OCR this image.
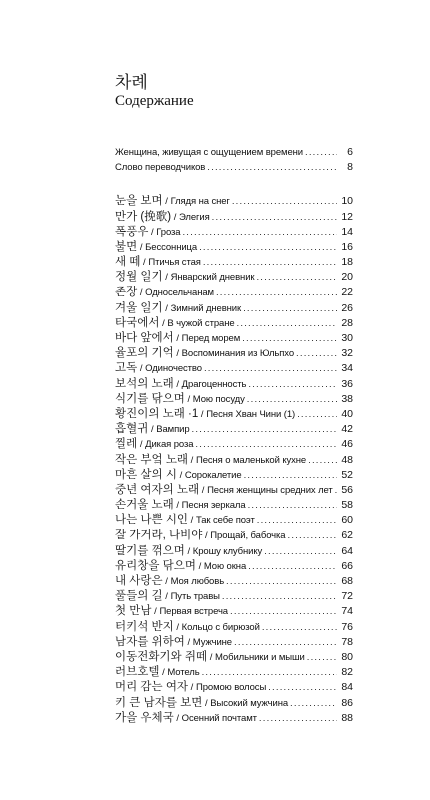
차례
Содержание
Женщина, живущая с ощущением времени .....	6
Слово переводчиков .....	8
눈을 보며 / Глядя на снег .....	10
만가 (挽歌) / Элегия .....	12
폭풍우 / Гроза .....	14
불면 / Бессонница .....	16
새 떼 / Птичья стая .....	18
정월 일기 / Январский дневник .....	20
촌장 / Односельчанам .....	22
겨울 일기 / Зимний дневник .....	26
타국에서 / В чужой стране .....	28
바다 앞에서 / Перед морем .....	30
율포의 기억 / Воспоминания из Юльпхо .....	32
고독 / Одиночество .....	34
보석의 노래 / Драгоценность .....	36
식기를 닦으며 / Мою посуду .....	38
황진이의 노래 ·1 / Песня Хван Чини (1) .....	40
흡혈귀 / Вампир .....	42
찔레 / Дикая роза .....	46
작은 부엌 노래 / Песня о маленькой кухне .....	48
마흔 살의 시 / Сорокалетие .....	52
중년 여자의 노래 / Песня женщины средних лет ..... 56
손거울 노래 / Песня зеркала .....	58
나는 나쁜 시인 / Так себе поэт .....	60
잘 가거라, 나비야 / Прощай, бабочка .....	62
딸기를 꺾으며 / Крошу клубнику .....	64
유리창을 닦으며 / Мою окна .....	66
내 사랑은 / Моя любовь .....	68
풀들의 길 / Путь травы .....	72
첫 만남 / Первая встреча .....	74
터키석 반지 / Кольцо с бирюзой .....	76
남자를 위하여 / Мужчине .....	78
이동전화기와 쥐떼 / Мобильники и мыши .....	80
러브호텔 / Мотель .....	82
머리 감는 여자 / Промою волосы .....	84
키 큰 남자를 보면 / Высокий мужчина .....	86
가을 우체국 / Осенний почтамт .....	88
